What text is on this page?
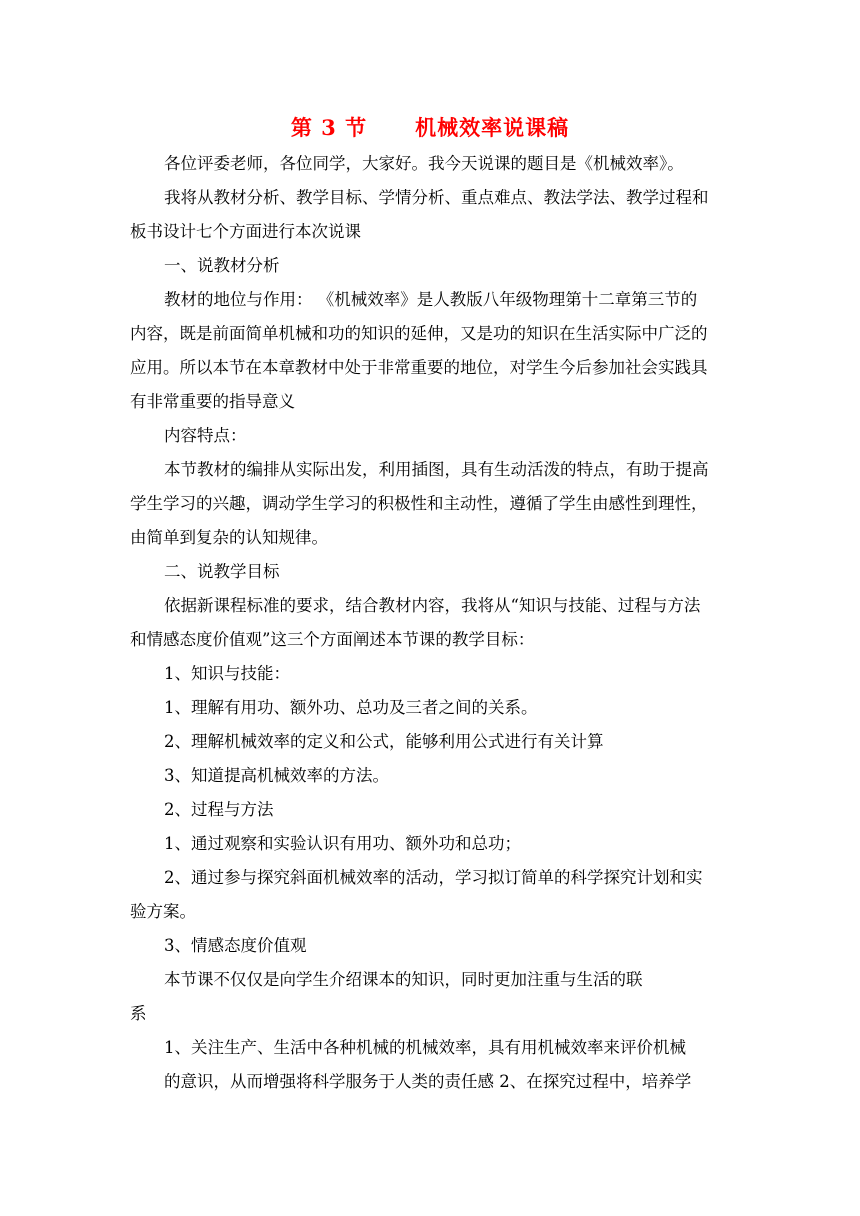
第 3 节 机械效率说课稿
各位评委老师，各位同学，大家好。我今天说课的题目是《机械效率》。
我将从教材分析、教学目标、学情分析、重点难点、教法学法、教学过程和
板书设计七个方面进行本次说课
一、说教材分析
教材的地位与作用： 《机械效率》是人教版八年级物理第十二章第三节的
内容，既是前面简单机械和功的知识的延伸，又是功的知识在生活实际中广泛的
应用。所以本节在本章教材中处于非常重要的地位，对学生今后参加社会实践具
有非常重要的指导意义
内容特点：
本节教材的编排从实际出发，利用插图，具有生动活泼的特点，有助于提高
学生学习的兴趣，调动学生学习的积极性和主动性，遵循了学生由感性到理性，
由简单到复杂的认知规律。
二、说教学目标
依据新课程标准的要求，结合教材内容，我将从“知识与技能、过程与方法
和情感态度价值观”这三个方面阐述本节课的教学目标：
1、知识与技能：
1、理解有用功、额外功、总功及三者之间的关系。
2、理解机械效率的定义和公式，能够利用公式进行有关计算
3、知道提高机械效率的方法。
2、过程与方法
1、通过观察和实验认识有用功、额外功和总功；
2、通过参与探究斜面机械效率的活动，学习拟订简单的科学探究计划和实
验方案。
3、情感态度价值观
本节课不仅仅是向学生介绍课本的知识，同时更加注重与生活的联
系
1、关注生产、生活中各种机械的机械效率，具有用机械效率来评价机械
的意识，从而增强将科学服务于人类的责任感 2、在探究过程中，培养学
